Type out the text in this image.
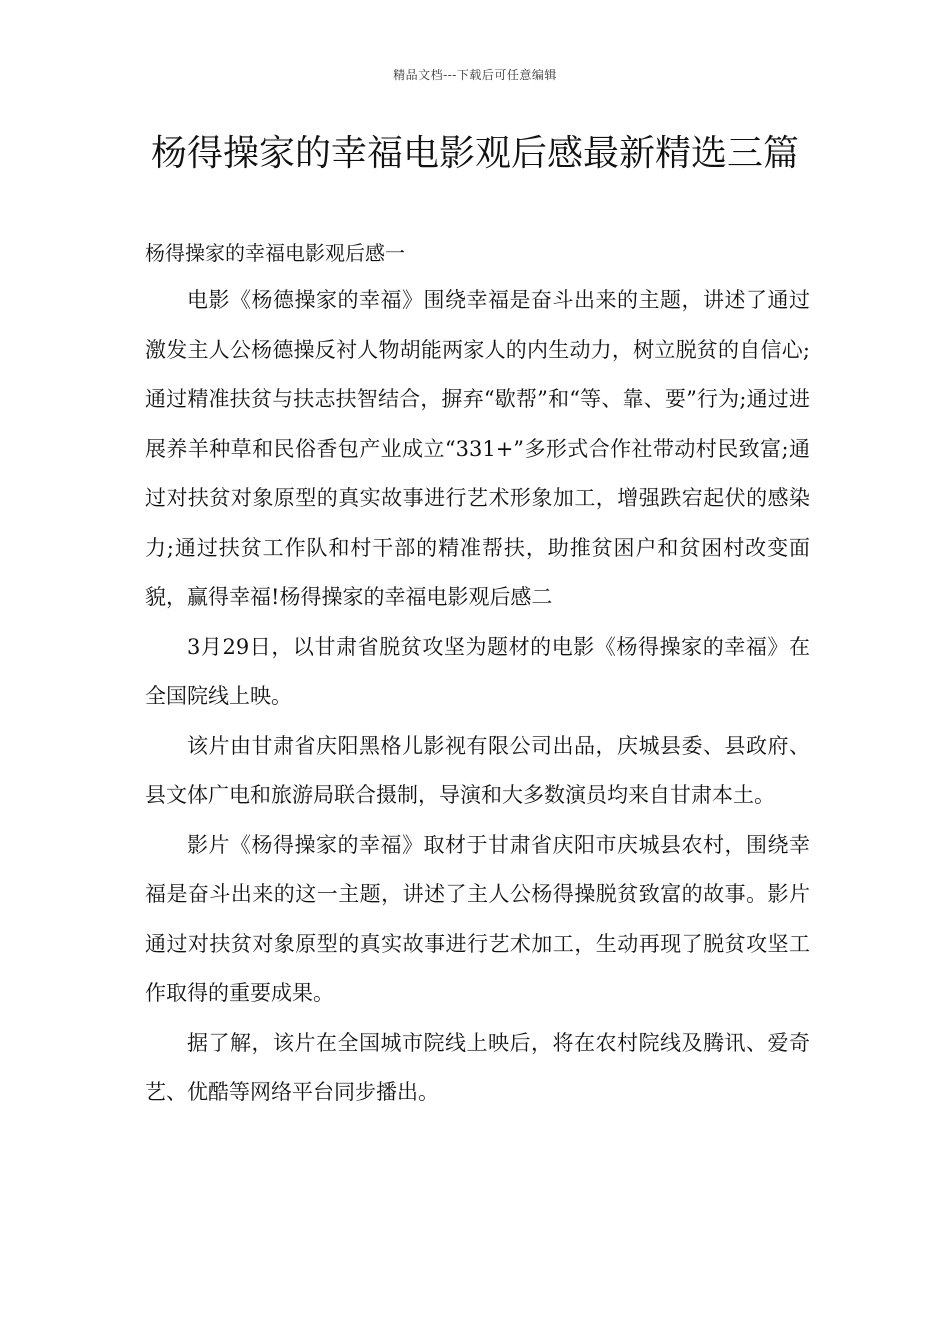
精品文档---下载后可任意编辑
杨得操家的幸福电影观后感最新精选三篇

杨得操家的幸福电影观后感一

电影《杨德操家的幸福》围绕幸福是奋斗出来的主题，讲述了通过激发主人公杨德操反衬人物胡能两家人的内生动力，树立脱贫的自信心;通过精准扶贫与扶志扶智结合，摒弃“歇帮”和“等、靠、要”行为;通过进展养羊种草和民俗香包产业成立“331+”多形式合作社带动村民致富;通过对扶贫对象原型的真实故事进行艺术形象加工，增强跌宕起伏的感染力;通过扶贫工作队和村干部的精准帮扶，助推贫困户和贫困村改变面貌，赢得幸福!杨得操家的幸福电影观后感二

3月29日，以甘肃省脱贫攻坚为题材的电影《杨得操家的幸福》在全国院线上映。

该片由甘肃省庆阳黑格儿影视有限公司出品，庆城县委、县政府、县文体广电和旅游局联合摄制，导演和大多数演员均来自甘肃本土。

影片《杨得操家的幸福》取材于甘肃省庆阳市庆城县农村，围绕幸福是奋斗出来的这一主题，讲述了主人公杨得操脱贫致富的故事。影片通过对扶贫对象原型的真实故事进行艺术加工，生动再现了脱贫攻坚工作取得的重要成果。

据了解，该片在全国城市院线上映后，将在农村院线及腾讯、爱奇艺、优酷等网络平台同步播出。
